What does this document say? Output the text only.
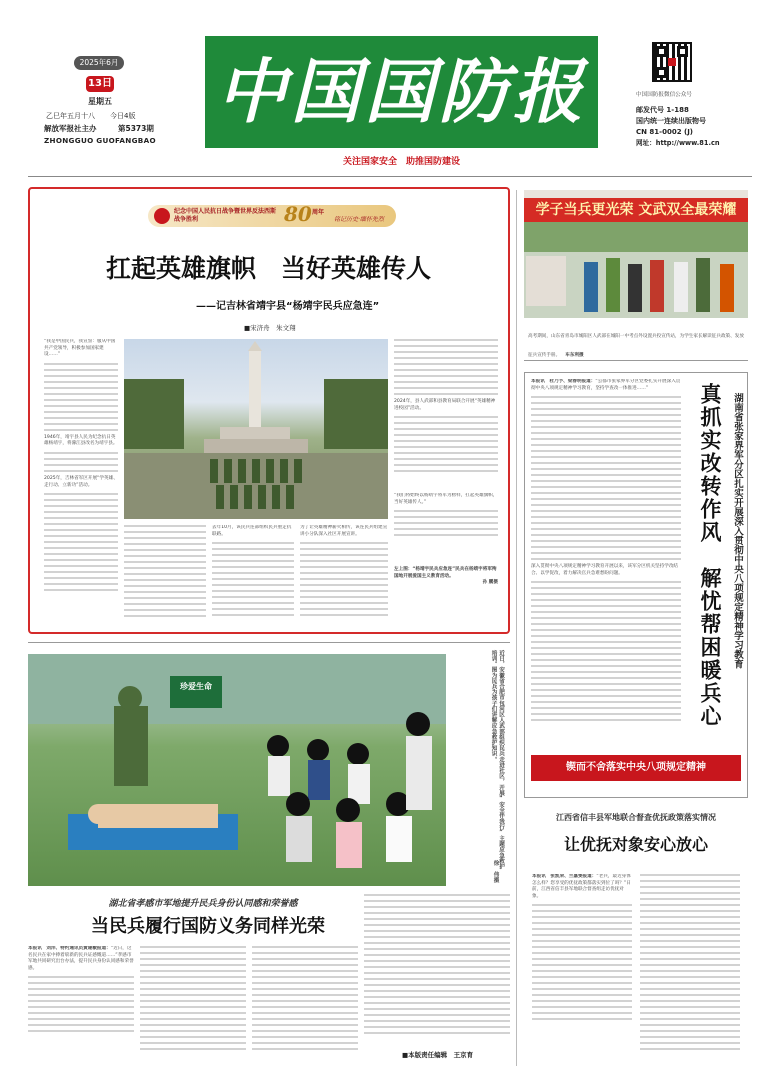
2025年6月
13日
星期五
乙巳年五月十八 今日4版
解放军报社主办	第5373期
ZHONGGUO GUOFANGBAO
中国国防报
关注国家安全　助推国防建设
中国国防报微信公众号
邮发代号 1-188
国内统一连续出版物号
CN 81-0002 (J)
网址：http://www.81.cn
纪念中国人民抗日战争暨世界反法西斯战争胜利	80 周年
铭记历史·缅怀先烈
扛起英雄旗帜　当好英雄传人
——记吉林省靖宇县“杨靖宇民兵应急连”
■宋济舟　朱文翔

“我是中国民兵，我宣誓：服从中国共产党领导，积极参加国家建设……”

1946年，靖宇县人民为纪念抗日英雄杨靖宇，将濛江县改名为靖宇县。

2025年，吉林省军区开展“学英雄、走行动、立新功”活动。

2024年，县人武部和县教育局联合开展“英雄精神进校园”活动。

“我们将始终以杨靖宇将军为榜样，扛起英雄旗帜，当好英雄传人。”

左上图：“杨靖宇民兵应急连”民兵在杨靖宇将军殉国地开展爱国主义教育活动。

孙 鹏摄

去年10月，该民兵连部组织民兵重走抗联路。

为了让英雄精神薪火相传，该连民兵组建宣讲小分队深入社区开展宣讲。

学子当兵更光荣 文武双全最荣耀
高考期间，山东省青岛市城阳区人武部在城阳一中考点外设置兵役宣传站，为学生家长解读征兵政策、发放征兵宣传手册。 车东利摄

本报讯　杜乃予、梁春明报道：“公都市张家界军分区党委扎实开展深入贯彻中央八项规定精神学习教育，坚持学查改一体推进……”

深入贯彻中央八项规定精神学习教育开展以来，该军分区机关坚持学改结合、以学促改，着力解决官兵急难愁盼问题。	真抓实改转作风　解忧帮困暖兵心 湖南省张家界军分区扎实开展深入贯彻中央八项规定精神学习教育
锲而不舍落实中央八项规定精神
珍爱生命	近日，安徽省合肥市包河区人武部组织民兵走进社区，开展“安全伴我行”主题应急救护培训。图为民兵为孩子们讲解应急救护知识。
徐 伟摄
湖北省孝感市军地提升民兵身份认同感和荣誉感
当民兵履行国防义务同样光荣

本报讯　刘洋、特约通讯员黄建敏报道：“近日，这名民兵在家中捧着崭新的民兵证感慨道……”孝感市军地共同研究出台办法，提升民兵身份认同感和荣誉感。

江西省信丰县军地联合督查优抚政策落实情况
让优抚对象安心放心

本报讯　张凯荣、兰嘉雯报道：“老兵，最近身体怎么样？您享受的优抚政策都落实到位了吗？”日前，江西省信丰县军地联合督查组走访优抚对象。

■本版责任编辑　王京育
